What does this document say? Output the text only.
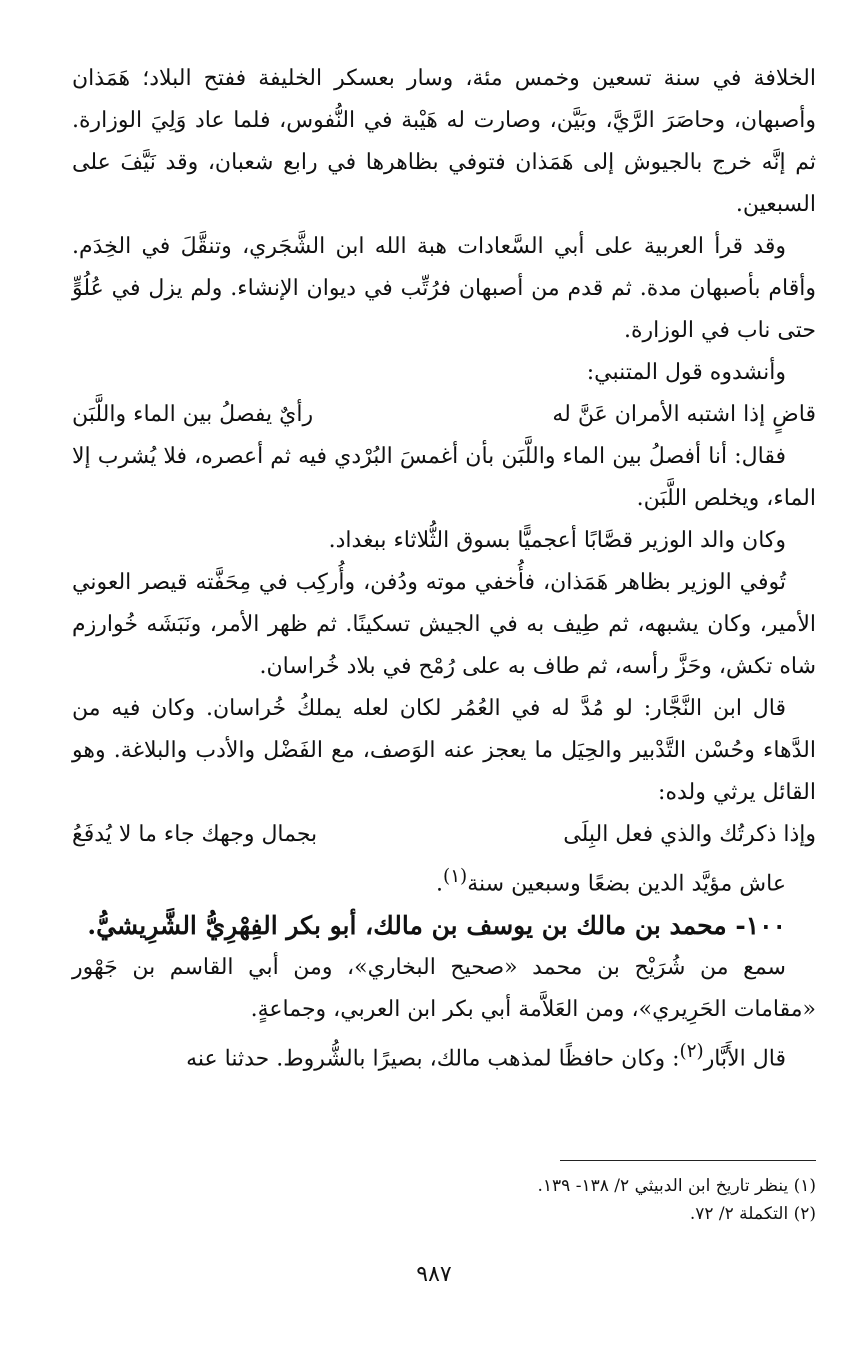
الخلافة في سنة تسعين وخمس مئة، وسار بعسكر الخليفة ففتح البلاد؛ هَمَذان وأصبهان، وحاصَرَ الرَّيَّ، وبَيَّن، وصارت له هَيْبة في النُّفوس، فلما عاد وَلِيَ الوزارة. ثم إنَّه خرج بالجيوش إلى هَمَذان فتوفي بظاهرها في رابع شعبان، وقد نَيَّفَ على السبعين.

وقد قرأ العربية على أبي السَّعادات هبة الله ابن الشَّجَري، وتنقَّلَ في الخِدَم. وأقام بأصبهان مدة. ثم قدم من أصبهان فرُتِّب في ديوان الإنشاء. ولم يزل في عُلُوٍّ حتى ناب في الوزارة.

وأنشدوه قول المتنبي:

قاضٍ إذا اشتبه الأمران عَنَّ له
رأيٌ يفصلُ بين الماء واللَّبَن

فقال: أنا أفصلُ بين الماء واللَّبَن بأن أغمسَ البُرْدي فيه ثم أعصره، فلا يُشرب إلا الماء، ويخلص اللَّبَن.

وكان والد الوزير قصَّابًا أعجميًّا بسوق الثُّلاثاء ببغداد.

تُوفي الوزير بظاهر هَمَذان، فأُخفي موته ودُفن، وأُركِب في مِحَفَّته قيصر العوني الأمير، وكان يشبهه، ثم طِيف به في الجيش تسكينًا. ثم ظهر الأمر، ونَبَشَه خُوارزم شاه تكش، وحَزَّ رأسه، ثم طاف به على رُمْح في بلاد خُراسان.

قال ابن النَّجَّار: لو مُدَّ له في العُمُر لكان لعله يملكُ خُراسان. وكان فيه من الدَّهاء وحُسْن التَّدْبير والحِيَل ما يعجز عنه الوَصف، مع الفَضْل والأدب والبلاغة. وهو القائل يرثي ولده:

وإذا ذكرتُك والذي فعل البِلَى
بجمال وجهك جاء ما لا يُدفَعُ

عاش مؤيَّد الدين بضعًا وسبعين سنة$^{(١)}$.

١٠٠- محمد بن مالك بن يوسف بن مالك، أبو بكر الفِهْرِيُّ الشَّرِيشيُّ.

سمع من شُرَيْح بن محمد «صحيح البخاري»، ومن أبي القاسم بن جَهْور «مقامات الحَرِيري»، ومن العَلاَّمة أبي بكر ابن العربي، وجماعةٍ.

قال الأَبَّار$^{(٢)}$: وكان حافظًا لمذهب مالك، بصيرًا بالشُّروط. حدثنا عنه

(١) ينظر تاريخ ابن الدبيثي ٢/ ١٣٨- ١٣٩.

(٢) التكملة ٢/ ٧٢.

٩٨٧
